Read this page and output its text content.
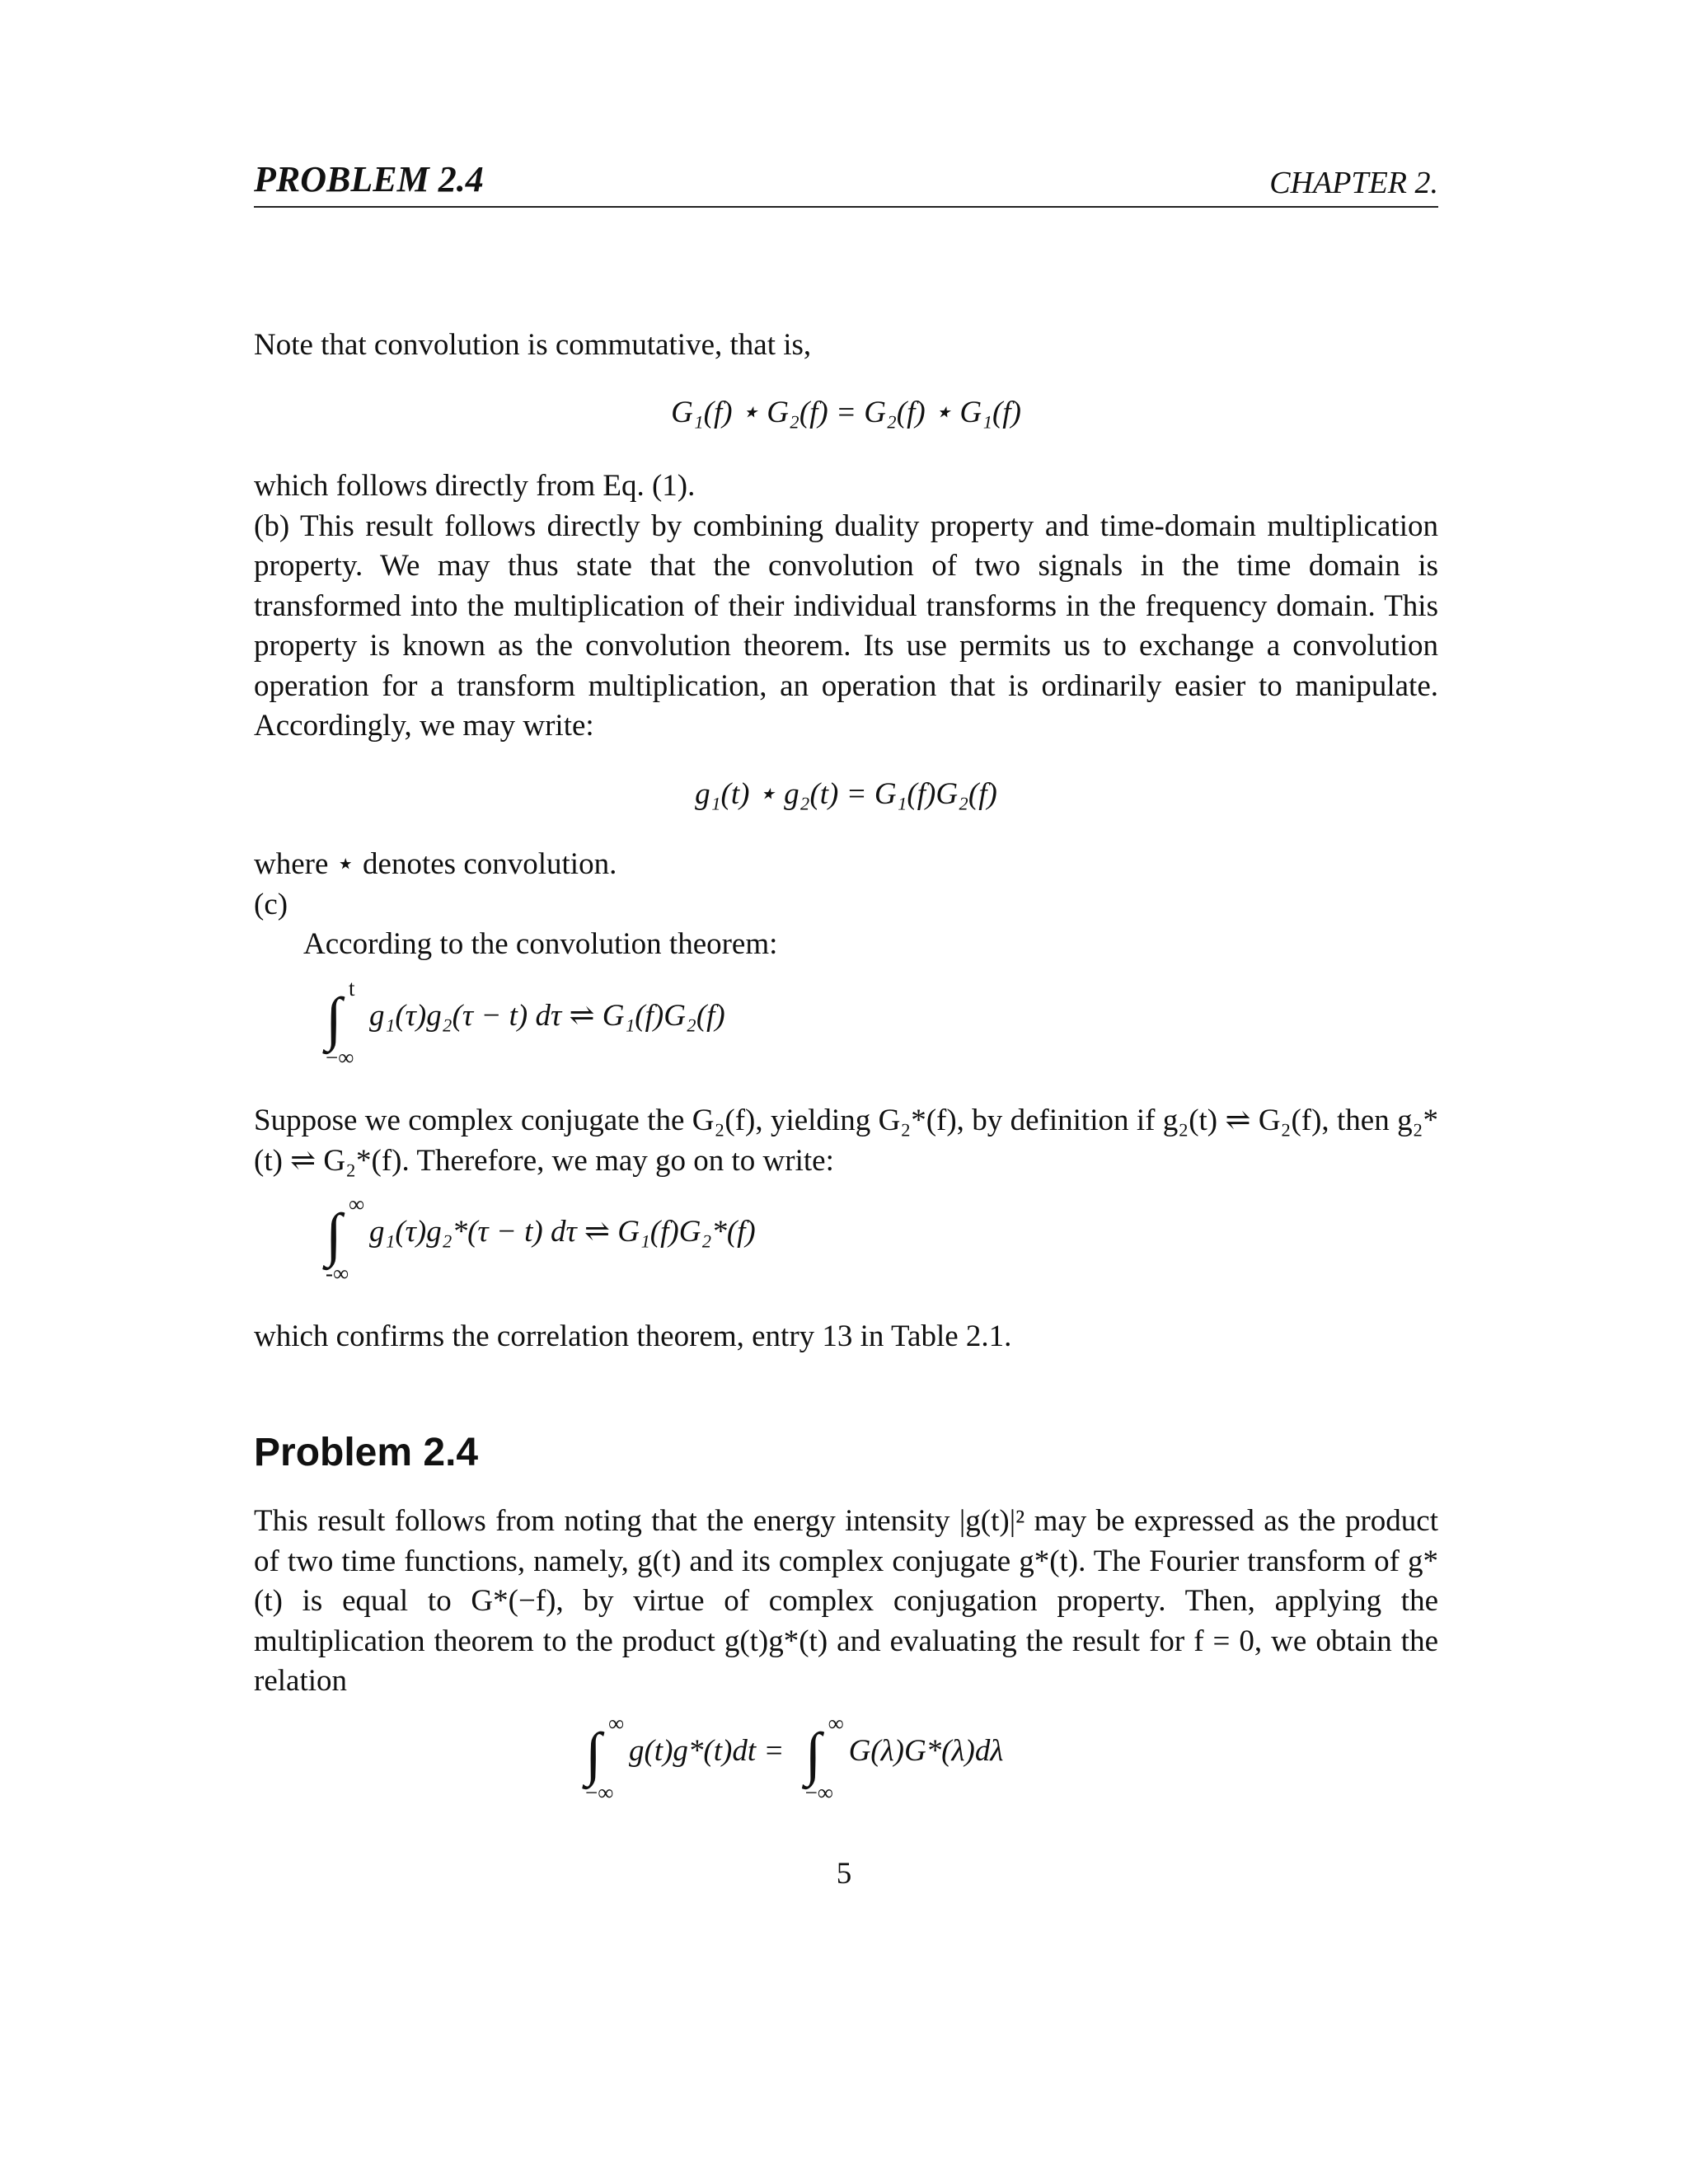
PROBLEM 2.4	CHAPTER 2.

Note that convolution is commutative, that is,

G₁(f) ⋆ G₂(f) = G₂(f) ⋆ G₁(f)

which follows directly from Eq. (1).

(b) This result follows directly by combining duality property and time-domain multiplication property. We may thus state that the convolution of two signals in the time domain is transformed into the multiplication of their individual transforms in the frequency domain. This property is known as the convolution theorem. Its use permits us to exchange a convolution operation for a transform multiplication, an operation that is ordinarily easier to manipulate. Accordingly, we may write:

g₁(t) ⋆ g₂(t) = G₁(f)G₂(f)

where ⋆ denotes convolution.

(c)

According to the convolution theorem:

∫ t
−∞
g₁(τ)g₂(τ − t) dτ ⇌ G₁(f)G₂(f)

Suppose we complex conjugate the G₂(f), yielding G₂*(f), by definition if g₂(t) ⇌ G₂(f), then g₂*(t) ⇌ G₂*(f). Therefore, we may go on to write:

∫ ∞
-∞
g₁(τ)g₂*(τ − t) dτ ⇌ G₁(f)G₂*(f)

which confirms the correlation theorem, entry 13 in Table 2.1.

Problem 2.4

This result follows from noting that the energy intensity |g(t)|² may be expressed as the product of two time functions, namely, g(t) and its complex conjugate g*(t). The Fourier transform of g*(t) is equal to G*(−f), by virtue of complex conjugation property. Then, applying the multiplication theorem to the product g(t)g*(t) and evaluating the result for f = 0, we obtain the relation

∫ ∞
−∞
g(t)g*(t)dt = ∫ ∞
−∞
G(λ)G*(λ)dλ
5
